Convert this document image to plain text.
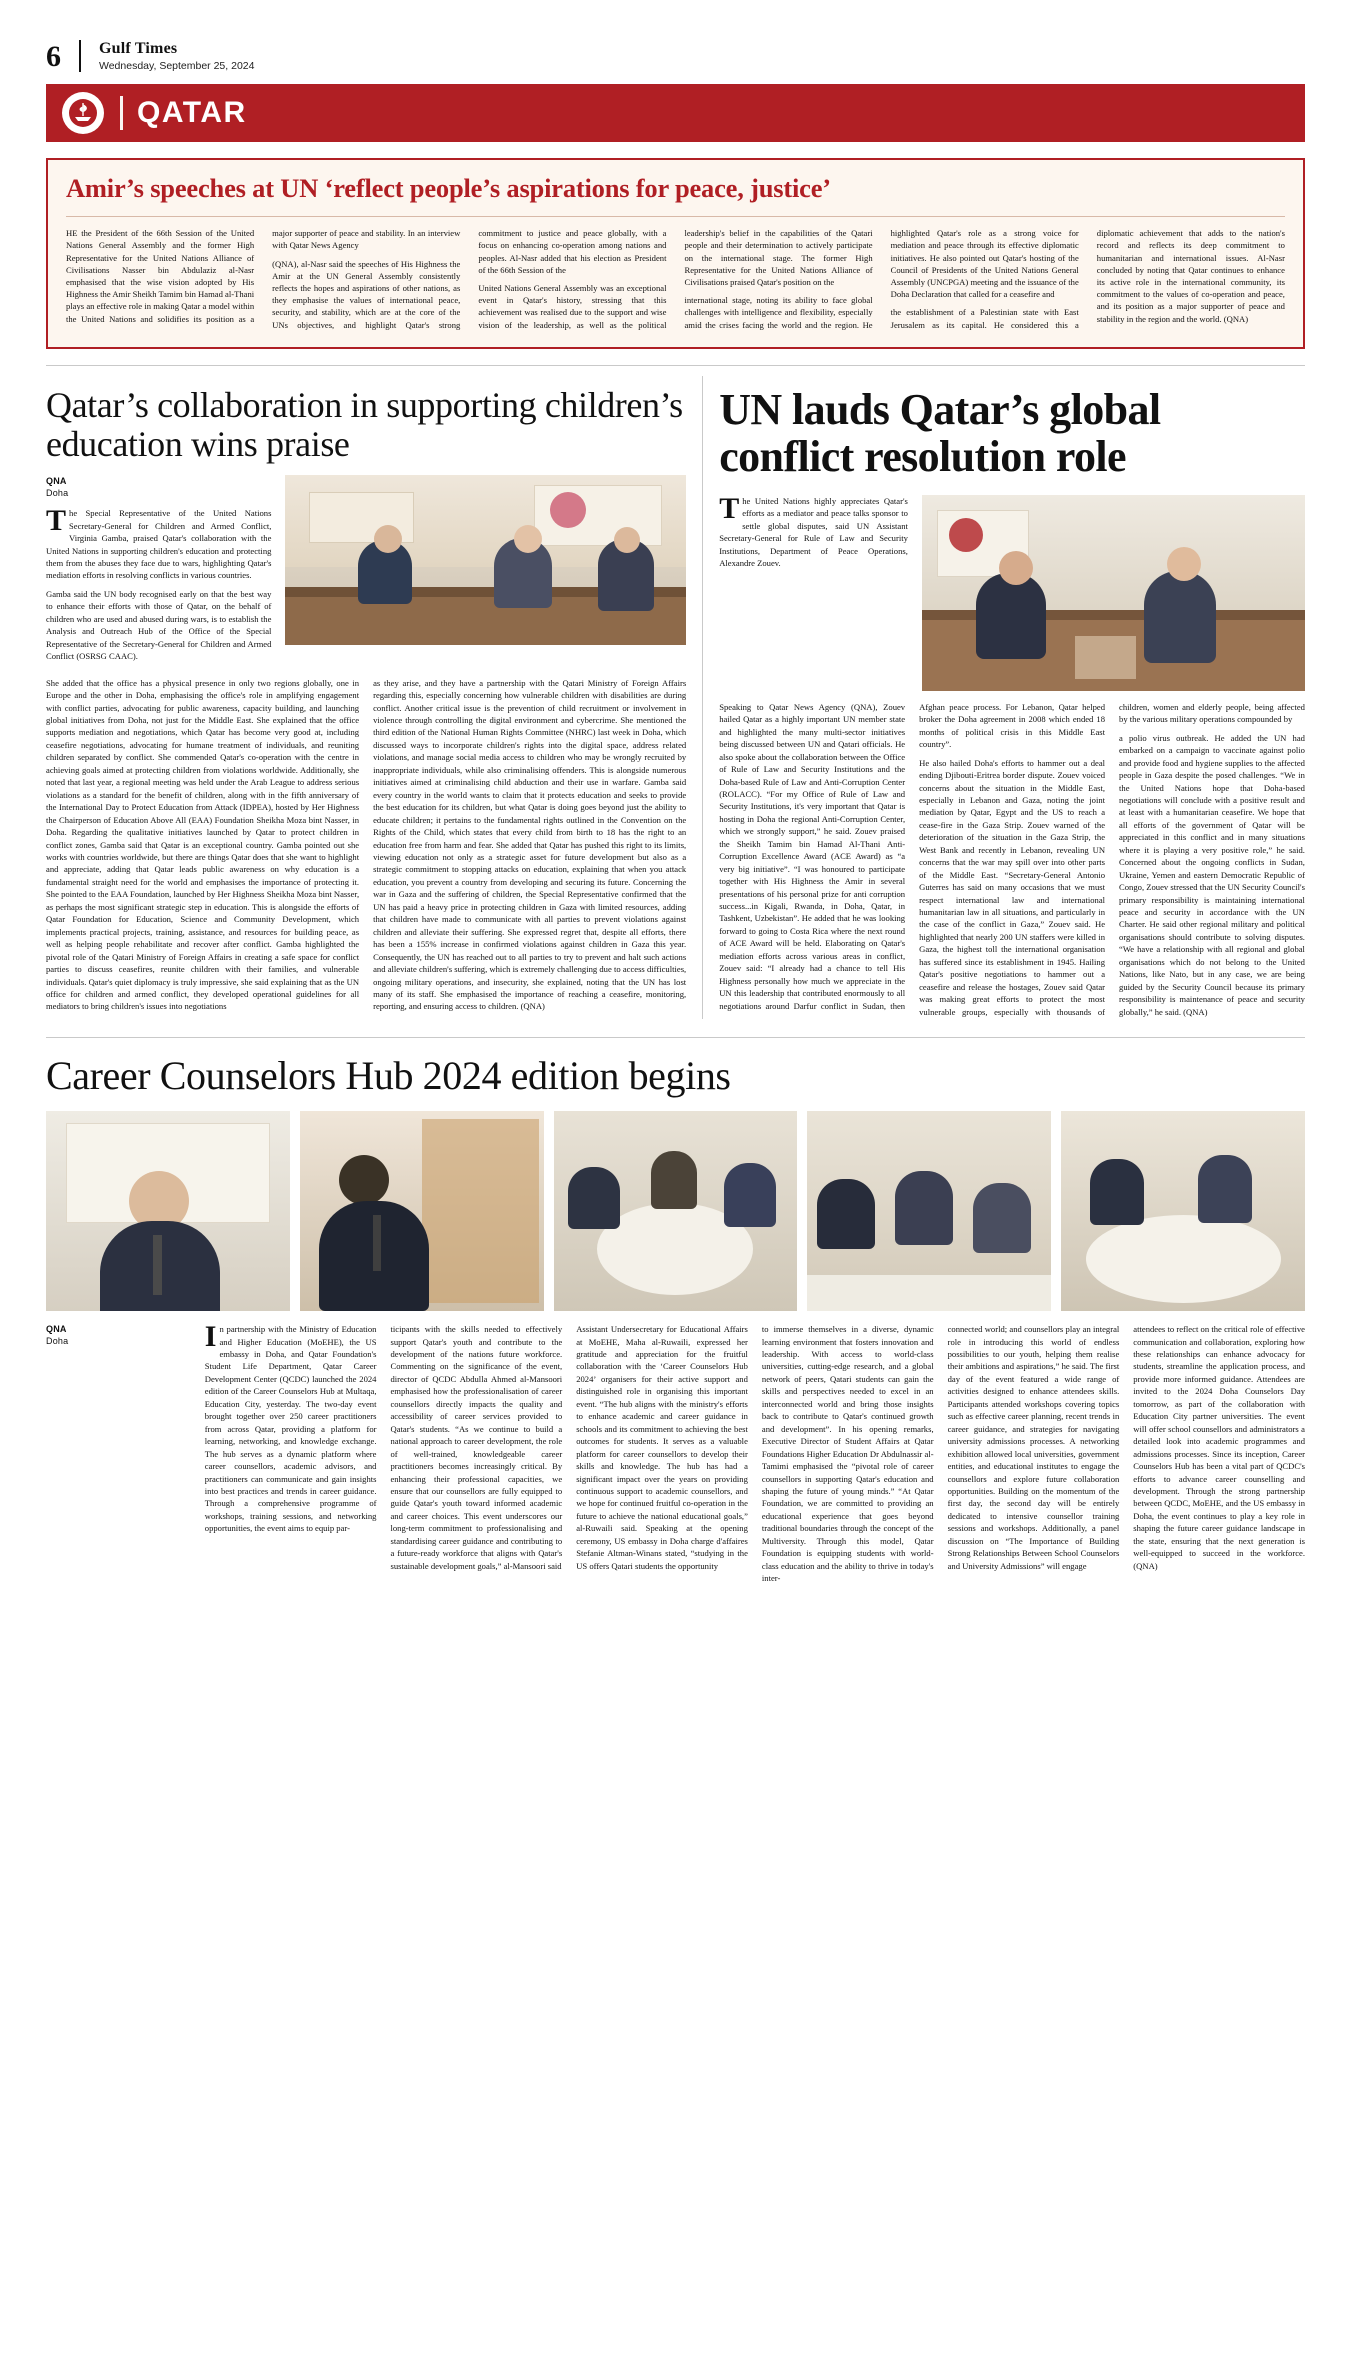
6 Gulf Times
Wednesday, September 25, 2024
QATAR
Amir’s speeches at UN ‘reflect people’s aspirations for peace, justice’

HE the President of the 66th Session of the United Nations General Assembly and the former High Representative for the United Nations Alliance of Civilisations Nasser bin Abdulaziz al-Nasr emphasised that the wise vision adopted by His Highness the Amir Sheikh Tamim bin Hamad al-Thani plays an effective role in making Qatar a model within the United Nations and solidifies its position as a major supporter of peace and stability. In an interview with Qatar News Agency

(QNA), al-Nasr said the speeches of His Highness the Amir at the UN General Assembly consistently reflects the hopes and aspirations of other nations, as they emphasise the values of international peace, security, and stability, which are at the core of the UNs objectives, and highlight Qatar's strong commitment to justice and peace globally, with a focus on enhancing co-operation among nations and peoples. Al-Nasr added that his election as President of the 66th Session of the

United Nations General Assembly was an exceptional event in Qatar's history, stressing that this achievement was realised due to the support and wise vision of the leadership, as well as the political leadership's belief in the capabilities of the Qatari people and their determination to actively participate on the international stage. The former High Representative for the United Nations Alliance of Civilisations praised Qatar's position on the

international stage, noting its ability to face global challenges with intelligence and flexibility, especially amid the crises facing the world and the region. He highlighted Qatar's role as a strong voice for mediation and peace through its effective diplomatic initiatives. He also pointed out Qatar's hosting of the Council of Presidents of the United Nations General Assembly (UNCPGA) meeting and the issuance of the Doha Declaration that called for a ceasefire and

the establishment of a Palestinian state with East Jerusalem as its capital. He considered this a diplomatic achievement that adds to the nation's record and reflects its deep commitment to humanitarian and international issues. Al-Nasr concluded by noting that Qatar continues to enhance its active role in the international community, its commitment to the values of co-operation and peace, and its position as a major supporter of peace and stability in the region and the world. (QNA)

Qatar’s collaboration in supporting children’s education wins praise
QNA
Doha

The Special Representative of the United Nations Secretary-General for Children and Armed Conflict, Virginia Gamba, praised Qatar's collaboration with the United Nations in supporting children's education and protecting them from the abuses they face due to wars, highlighting Qatar's mediation efforts in resolving conflicts in various countries.

Gamba said the UN body recognised early on that the best way to enhance their efforts with those of Qatar, on the behalf of children who are used and abused during wars, is to establish the Analysis and Outreach Hub of the Office of the Special Representative of the Secretary-General for Children and Armed Conflict (OSRSG CAAC).

She added that the office has a physical presence in only two regions globally, one in Europe and the other in Doha, emphasising the office's role in amplifying engagement with conflict parties, advocating for public awareness, capacity building, and launching global initiatives from Doha, not just for the Middle East. She explained that the office supports mediation and negotiations, which Qatar has become very good at, including ceasefire negotiations, advocating for humane treatment of individuals, and reuniting children separated by conflict. She commended Qatar's co-operation with the centre in achieving goals aimed at protecting children from violations worldwide. Additionally, she noted that last year, a regional meeting was held under the Arab League to address serious violations as a standard for the benefit of children, along with in the fifth anniversary of the International Day to Protect Education from Attack (IDPEA), hosted by Her Highness the Chairperson of Education Above All (EAA) Foundation Sheikha Moza bint Nasser, in Doha. Regarding the qualitative initiatives launched by Qatar to protect children in conflict zones, Gamba said that Qatar is an exceptional country. Gamba pointed out she works with countries worldwide, but there are things Qatar does that she want to highlight and appreciate, adding that Qatar leads public awareness on why education is a fundamental straight need for the world and emphasises the importance of protecting it. She pointed to the EAA Foundation, launched by Her Highness Sheikha Moza bint Nasser, as perhaps the most significant strategic step in education. This is alongside the efforts of Qatar Foundation for Education, Science and Community Development, which implements practical projects, training, assistance, and resources for building peace, as well as helping people rehabilitate and recover after conflict. Gamba highlighted the pivotal role of the Qatari Ministry of Foreign Affairs in creating a safe space for conflict parties to discuss ceasefires, reunite children with their families, and vulnerable individuals. Qatar's quiet diplomacy is truly impressive, she said explaining that as the UN office for children and armed conflict, they developed operational guidelines for all mediators to bring children's issues into negotiations

as they arise, and they have a partnership with the Qatari Ministry of Foreign Affairs regarding this, especially concerning how vulnerable children with disabilities are during conflict. Another critical issue is the prevention of child recruitment or involvement in violence through controlling the digital environment and cybercrime. She mentioned the third edition of the National Human Rights Committee (NHRC) last week in Doha, which discussed ways to incorporate children's rights into the digital space, address related violations, and manage social media access to children who may be wrongly recruited by inappropriate individuals, while also criminalising offenders. This is alongside numerous initiatives aimed at criminalising child abduction and their use in warfare. Gamba said every country in the world wants to claim that it protects education and seeks to provide the best education for its children, but what Qatar is doing goes beyond just the ability to educate children; it pertains to the fundamental rights outlined in the Convention on the Rights of the Child, which states that every child from birth to 18 has the right to an education free from harm and fear. She added that Qatar has pushed this right to its limits, viewing education not only as a strategic asset for future development but also as a strategic commitment to stopping attacks on education, explaining that when you attack education, you prevent a country from developing and securing its future. Concerning the war in Gaza and the suffering of children, the Special Representative confirmed that the UN has paid a heavy price in protecting children in Gaza with limited resources, adding that children have made to communicate with all parties to prevent violations against children and alleviate their suffering. She expressed regret that, despite all efforts, there has been a 155% increase in confirmed violations against children in Gaza this year. Consequently, the UN has reached out to all parties to try to prevent and halt such actions and alleviate children's suffering, which is extremely challenging due to access difficulties, ongoing military operations, and insecurity, she explained, noting that the UN has lost many of its staff. She emphasised the importance of reaching a ceasefire, monitoring, reporting, and ensuring access to children. (QNA)

UN lauds Qatar’s global conflict resolution role

The United Nations highly appreciates Qatar's efforts as a mediator and peace talks sponsor to settle global disputes, said UN Assistant Secretary-General for Rule of Law and Security Institutions, Department of Peace Operations, Alexandre Zouev.

Speaking to Qatar News Agency (QNA), Zouev hailed Qatar as a highly important UN member state and highlighted the many multi-sector initiatives being discussed between UN and Qatari officials. He also spoke about the collaboration between the Office of Rule of Law and Security Institutions and the Doha-based Rule of Law and Anti-Corruption Center (ROLACC). “For my Office of Rule of Law and Security Institutions, it's very important that Qatar is hosting in Doha the regional Anti-Corruption Center, which we strongly support,” he said. Zouev praised the Sheikh Tamim bin Hamad Al-Thani Anti-Corruption Excellence Award (ACE Award) as “a very big initiative”. “I was honoured to participate together with His Highness the Amir in several presentations of his personal prize for anti corruption success...in Kigali, Rwanda, in Doha, Qatar, in Tashkent, Uzbekistan”. He added that he was looking forward to going to Costa Rica where the next round of ACE Award will be held. Elaborating on Qatar's mediation efforts across various areas in conflict, Zouev said: “I already had a chance to tell His Highness personally how much we appreciate in the UN this leadership that contributed enormously to all negotiations around Darfur conflict in Sudan, then Afghan peace process. For Lebanon, Qatar helped broker the Doha agreement in 2008 which ended 18 months of political crisis in this Middle East country”.

He also hailed Doha's efforts to hammer out a deal ending Djibouti-Eritrea border dispute. Zouev voiced concerns about the situation in the Middle East, especially in Lebanon and Gaza, noting the joint mediation by Qatar, Egypt and the US to reach a cease-fire in the Gaza Strip. Zouev warned of the deterioration of the situation in the Gaza Strip, the West Bank and recently in Lebanon, revealing UN concerns that the war may spill over into other parts of the Middle East. “Secretary-General Antonio Guterres has said on many occasions that we must respect international law and international humanitarian law in all situations, and particularly in the case of the conflict in Gaza,” Zouev said. He highlighted that nearly 200 UN staffers were killed in Gaza, the highest toll the international organisation has suffered since its establishment in 1945. Hailing Qatar's positive negotiations to hammer out a ceasefire and release the hostages, Zouev said Qatar was making great efforts to protect the most vulnerable groups, especially with thousands of children, women and elderly people, being affected by the various military operations compounded by

a polio virus outbreak. He added the UN had embarked on a campaign to vaccinate against polio and provide food and hygiene supplies to the affected people in Gaza despite the posed challenges. “We in the United Nations hope that Doha-based negotiations will conclude with a positive result and at least with a humanitarian ceasefire. We hope that all efforts of the government of Qatar will be appreciated in this conflict and in many situations where it is playing a very positive role,” he said. Concerned about the ongoing conflicts in Sudan, Ukraine, Yemen and eastern Democratic Republic of Congo, Zouev stressed that the UN Security Council's primary responsibility is maintaining international peace and security in accordance with the UN Charter. He said other regional military and political organisations should contribute to solving disputes. “We have a relationship with all regional and global organisations which do not belong to the United Nations, like Nato, but in any case, we are being guided by the Security Council because its primary responsibility is maintenance of peace and security globally,” he said. (QNA)

Career Counselors Hub 2024 edition begins
QNA
Doha	In partnership with the Ministry of Education and Higher Education (MoEHE), the US embassy in Doha, and Qatar Foundation's Student Life Department, Qatar Career Development Center (QCDC) launched the 2024 edition of the Career Counselors Hub at Multaqa, Education City, yesterday. The two-day event brought together over 250 career practitioners from across Qatar, providing a platform for learning, networking, and knowledge exchange. The hub serves as a dynamic platform where career counsellors, academic advisors, and practitioners can communicate and gain insights into best practices and trends in career guidance. Through a comprehensive programme of workshops, training sessions, and networking opportunities, the event aims to equip par-

ticipants with the skills needed to effectively support Qatar's youth and contribute to the development of the nations future workforce. Commenting on the significance of the event, director of QCDC Abdulla Ahmed al-Mansoori emphasised how the professionalisation of career counsellors directly impacts the quality and accessibility of career services provided to Qatar's students. “As we continue to build a national approach to career development, the role of well-trained, knowledgeable career practitioners becomes increasingly critical. By enhancing their professional capacities, we ensure that our counsellors are fully equipped to guide Qatar's youth toward informed academic and career choices. This event underscores our long-term commitment to professionalising and standardising career guidance and contributing to a future-ready workforce that aligns with Qatar's sustainable development goals,” al-Mansoori said

Assistant Undersecretary for Educational Affairs at MoEHE, Maha al-Ruwaili, expressed her gratitude and appreciation for the fruitful collaboration with the ‘Career Counselors Hub 2024’ organisers for their active support and distinguished role in organising this important event. “The hub aligns with the ministry's efforts to enhance academic and career guidance in schools and its commitment to achieving the best outcomes for students. It serves as a valuable platform for career counsellors to develop their skills and knowledge. The hub has had a significant impact over the years on providing continuous support to academic counsellors, and we hope for continued fruitful co-operation in the future to achieve the national educational goals,” al-Ruwaili said. Speaking at the opening ceremony, US embassy in Doha charge d'affaires Stefanie Altman-Winans stated, “studying in the US offers Qatari students the opportunity

to immerse themselves in a diverse, dynamic learning environment that fosters innovation and leadership. With access to world-class universities, cutting-edge research, and a global network of peers, Qatari students can gain the skills and perspectives needed to excel in an interconnected world and bring those insights back to contribute to Qatar's continued growth and development”. In his opening remarks, Executive Director of Student Affairs at Qatar Foundations Higher Education Dr Abdulnassir al-Tamimi emphasised the “pivotal role of career counsellors in supporting Qatar's education and shaping the future of young minds.” “At Qatar Foundation, we are committed to providing an educational experience that goes beyond traditional boundaries through the concept of the Multiversity. Through this model, Qatar Foundation is equipping students with world-class education and the ability to thrive in today's inter-

connected world; and counsellors play an integral role in introducing this world of endless possibilities to our youth, helping them realise their ambitions and aspirations,” he said. The first day of the event featured a wide range of activities designed to enhance attendees skills. Participants attended workshops covering topics such as effective career planning, recent trends in career guidance, and strategies for navigating university admissions processes. A networking exhibition allowed local universities, government entities, and educational institutes to engage the counsellors and explore future collaboration opportunities. Building on the momentum of the first day, the second day will be entirely dedicated to intensive counsellor training sessions and workshops. Additionally, a panel discussion on “The Importance of Building Strong Relationships Between School Counselors and University Admissions” will engage

attendees to reflect on the critical role of effective communication and collaboration, exploring how these relationships can enhance advocacy for students, streamline the application process, and provide more informed guidance. Attendees are invited to the 2024 Doha Counselors Day tomorrow, as part of the collaboration with Education City partner universities. The event will offer school counsellors and administrators a detailed look into academic programmes and admissions processes. Since its inception, Career Counselors Hub has been a vital part of QCDC's efforts to advance career counselling and development. Through the strong partnership between QCDC, MoEHE, and the US embassy in Doha, the event continues to play a key role in shaping the future career guidance landscape in the state, ensuring that the next generation is well-equipped to succeed in the workforce. (QNA)
